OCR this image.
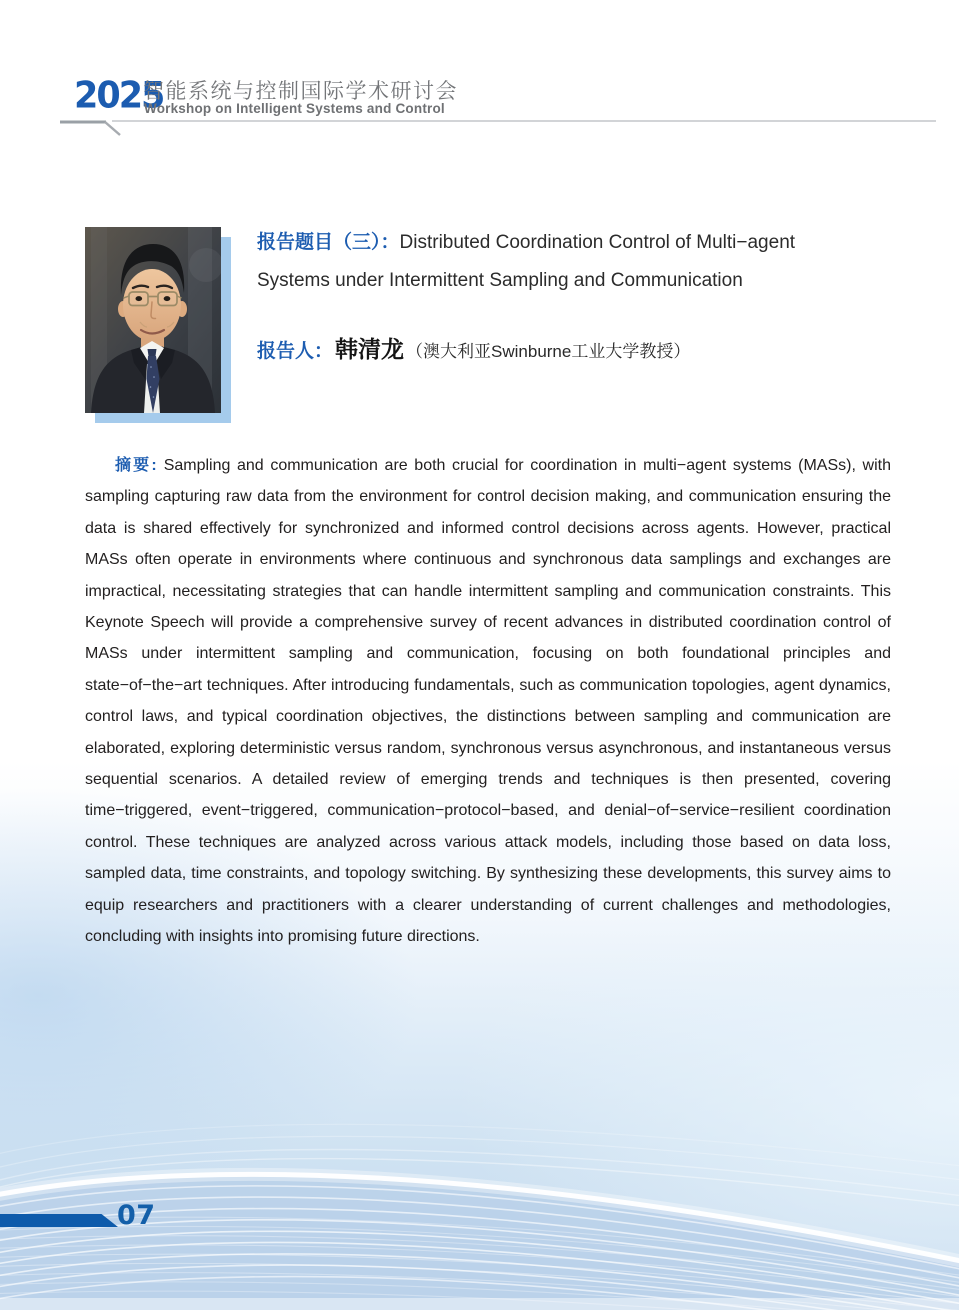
2025
智能系统与控制国际学术研讨会
Workshop on Intelligent Systems and Control

报告题目（三）：Distributed Coordination Control of Multi−agent
Systems under Intermittent Sampling and Communication

报告人：韩清龙 （澳大利亚Swinburne工业大学教授）

摘要: Sampling and communication are both crucial for coordination in multi−agent systems (MASs), with sampling capturing raw data from the environment for control decision making, and communication ensuring the data is shared effectively for synchronized and informed control decisions across agents. However, practical MASs often operate in environments where continuous and synchronous data samplings and exchanges are impractical, necessitating strategies that can handle intermittent sampling and communication constraints. This Keynote Speech will provide a comprehensive survey of recent advances in distributed coordination control of MASs under intermittent sampling and communication, focusing on both foundational principles and state−of−the−art techniques. After introducing fundamentals, such as communication topologies, agent dynamics, control laws, and typical coordination objectives, the distinctions between sampling and communication are elaborated, exploring deterministic versus random, synchronous versus asynchronous, and instantaneous versus sequential scenarios. A detailed review of emerging trends and techniques is then presented, covering time−triggered, event−triggered, communication−protocol−based, and denial−of−service−resilient coordination control. These techniques are analyzed across various attack models, including those based on data loss, sampled data, time constraints, and topology switching. By synthesizing these developments, this survey aims to equip researchers and practitioners with a clearer understanding of current challenges and methodologies, concluding with insights into promising future directions.

07
